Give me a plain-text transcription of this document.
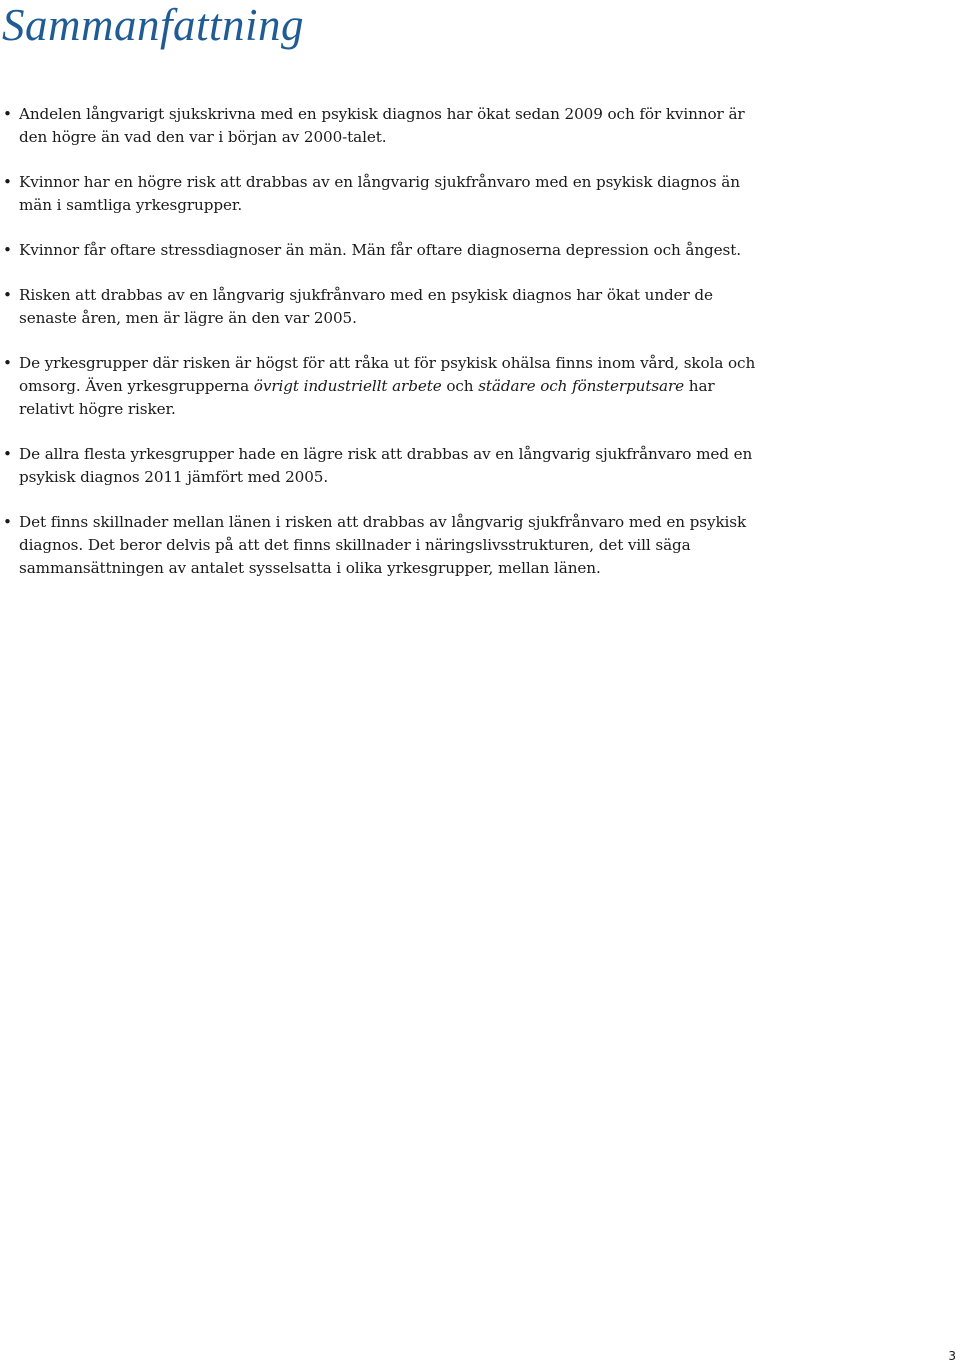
Sammanfattning
• Andelen långvarigt sjukskrivna med en psykisk diagnos har ökat sedan 2009 och för kvinnor är den högre än vad den var i början av 2000-talet.
• Kvinnor har en högre risk att drabbas av en långvarig sjukfrånvaro med en psykisk diagnos än män i samtliga yrkesgrupper.
• Kvinnor får oftare stressdiagnoser än män. Män får oftare diagnoserna depression och ångest.
• Risken att drabbas av en långvarig sjukfrånvaro med en psykisk diagnos har ökat under de senaste åren, men är lägre än den var 2005.
• De yrkesgrupper där risken är högst för att råka ut för psykisk ohälsa finns inom vård, skola och omsorg. Även yrkesgrupperna övrigt industriellt arbete och städare och fönsterputsare har relativt högre risker.
• De allra flesta yrkesgrupper hade en lägre risk att drabbas av en långvarig sjukfrånvaro med en psykisk diagnos 2011 jämfört med 2005.
• Det finns skillnader mellan länen i risken att drabbas av långvarig sjukfrånvaro med en psykisk diagnos. Det beror delvis på att det finns skillnader i näringslivsstrukturen, det vill säga sammansättningen av antalet sysselsatta i olika yrkesgrupper, mellan länen.
3
